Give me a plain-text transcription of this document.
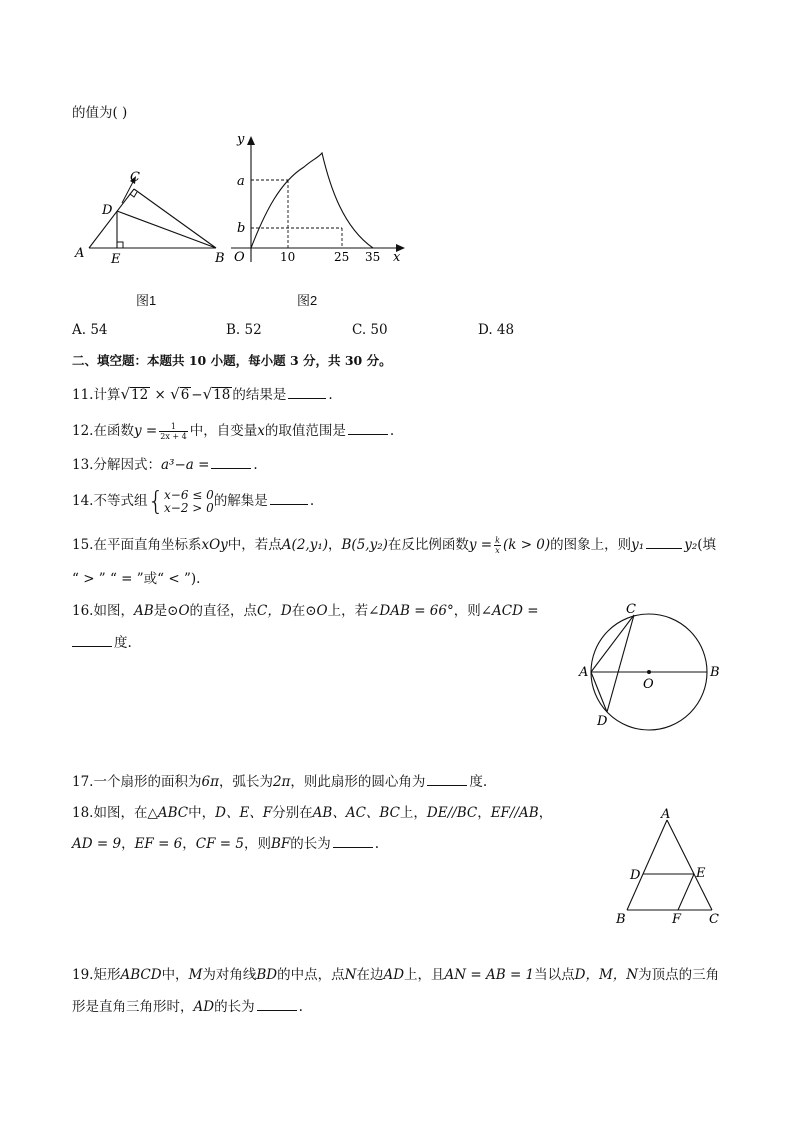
的值为( )
A	B
C
D
E
y
x
O
a
b
10	25 35
图1	图2
A. 54	B. 52	C. 50	D. 48
二、填空题：本题共 10 小题，每小题 3 分，共 30 分。
11.计算√12 × √6 −√18 的结果是	.
12.在函数$y = \frac{1}{2x + 4}$ 中，自变量x的取值范围是	.
13.分解因式：a³−a =	.
14.不等式组{ x−6 ≤ 0
x−2 > 0 的解集是	.
15.在平面直角坐标系xOy中，若点A(2,y₁)，B(5,y₂)在反比例函数$y = \frac{k}{x} (k > 0)$的图象上，则y₁	y₂(填
“ > ” “ = ”或“ < ”).
16.如图，AB是⊙O的直径，点C，D在⊙O上，若∠DAB = 66°，则∠ACD =
度.
A	B
C
D
O
17.一个扇形的面积为6π，弧长为2π，则此扇形的圆心角为	度.
18.如图，在△ABC中，D、E、F分别在AB、AC、BC上，DE//BC，EF//AB，
AD = 9，EF = 6，CF = 5，则BF的长为	.
A
D	E
B	F C
19.矩形ABCD中，M为对角线BD的中点，点N在边AD上，且AN = AB = 1当以点D，M，N为顶点的三角
形是直角三角形时，AD的长为	.
